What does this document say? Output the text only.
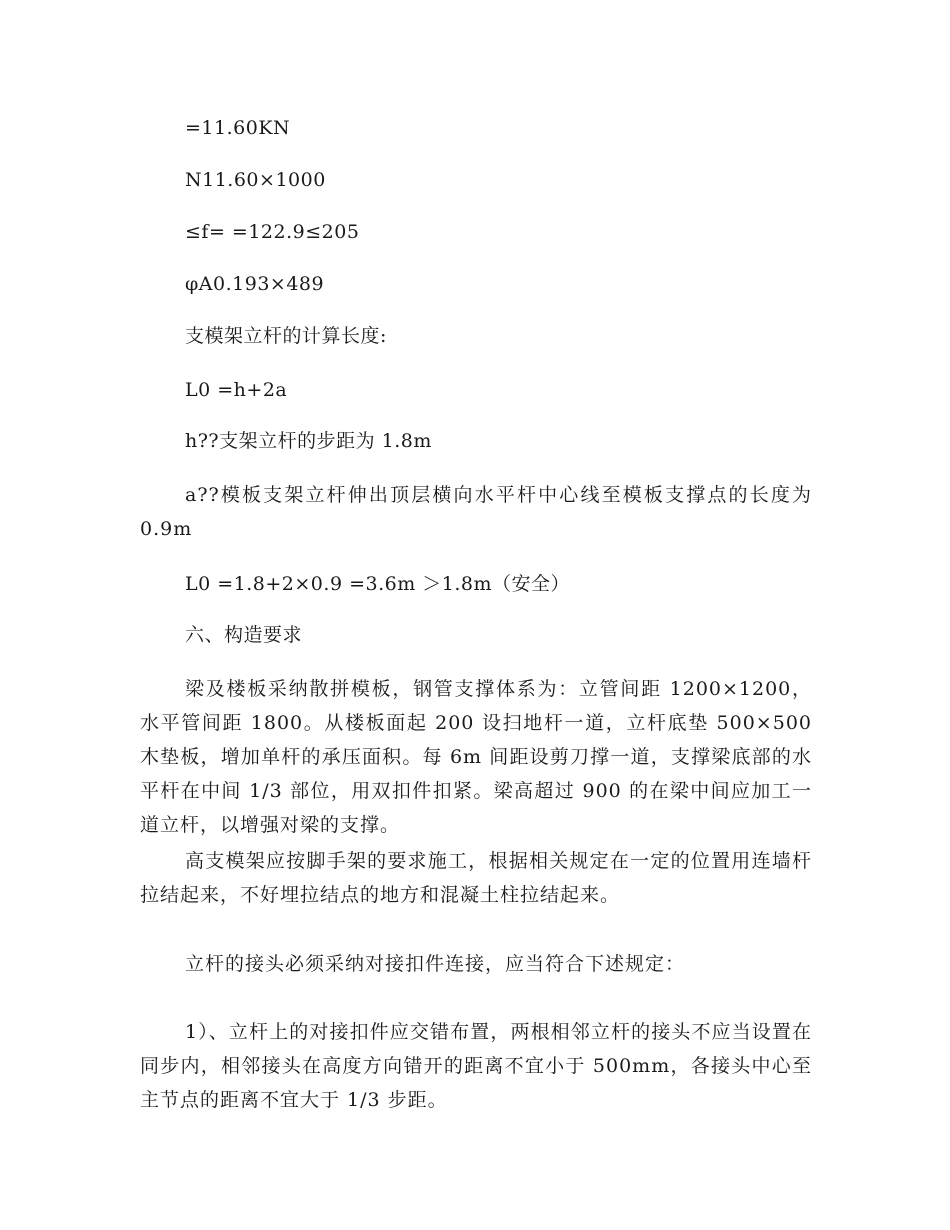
=11.60KN
N11.60×1000
≤f= =122.9≤205
φA0.193×489
支模架立杆的计算长度:
L0 =h+2a
h??支架立杆的步距为 1.8m
a??模板支架立杆伸出顶层横向水平杆中心线至模板支撑点的长度为 0.9m
L0 =1.8+2×0.9 =3.6m ＞1.8m（安全）
六、构造要求
梁及楼板采纳散拼模板，钢管支撑体系为：立管间距 1200×1200，水平管间距 1800。从楼板面起 200 设扫地杆一道，立杆底垫 500×500 木垫板，增加单杆的承压面积。每 6m 间距设剪刀撑一道，支撑梁底部的水平杆在中间 1/3 部位，用双扣件扣紧。梁高超过 900 的在梁中间应加工一道立杆，以增强对梁的支撑。
高支模架应按脚手架的要求施工，根据相关规定在一定的位置用连墙杆拉结起来，不好埋拉结点的地方和混凝土柱拉结起来。
立杆的接头必须采纳对接扣件连接，应当符合下述规定：
1）、立杆上的对接扣件应交错布置，两根相邻立杆的接头不应当设置在同步内，相邻接头在高度方向错开的距离不宜小于 500mm，各接头中心至主节点的距离不宜大于 1/3 步距。
